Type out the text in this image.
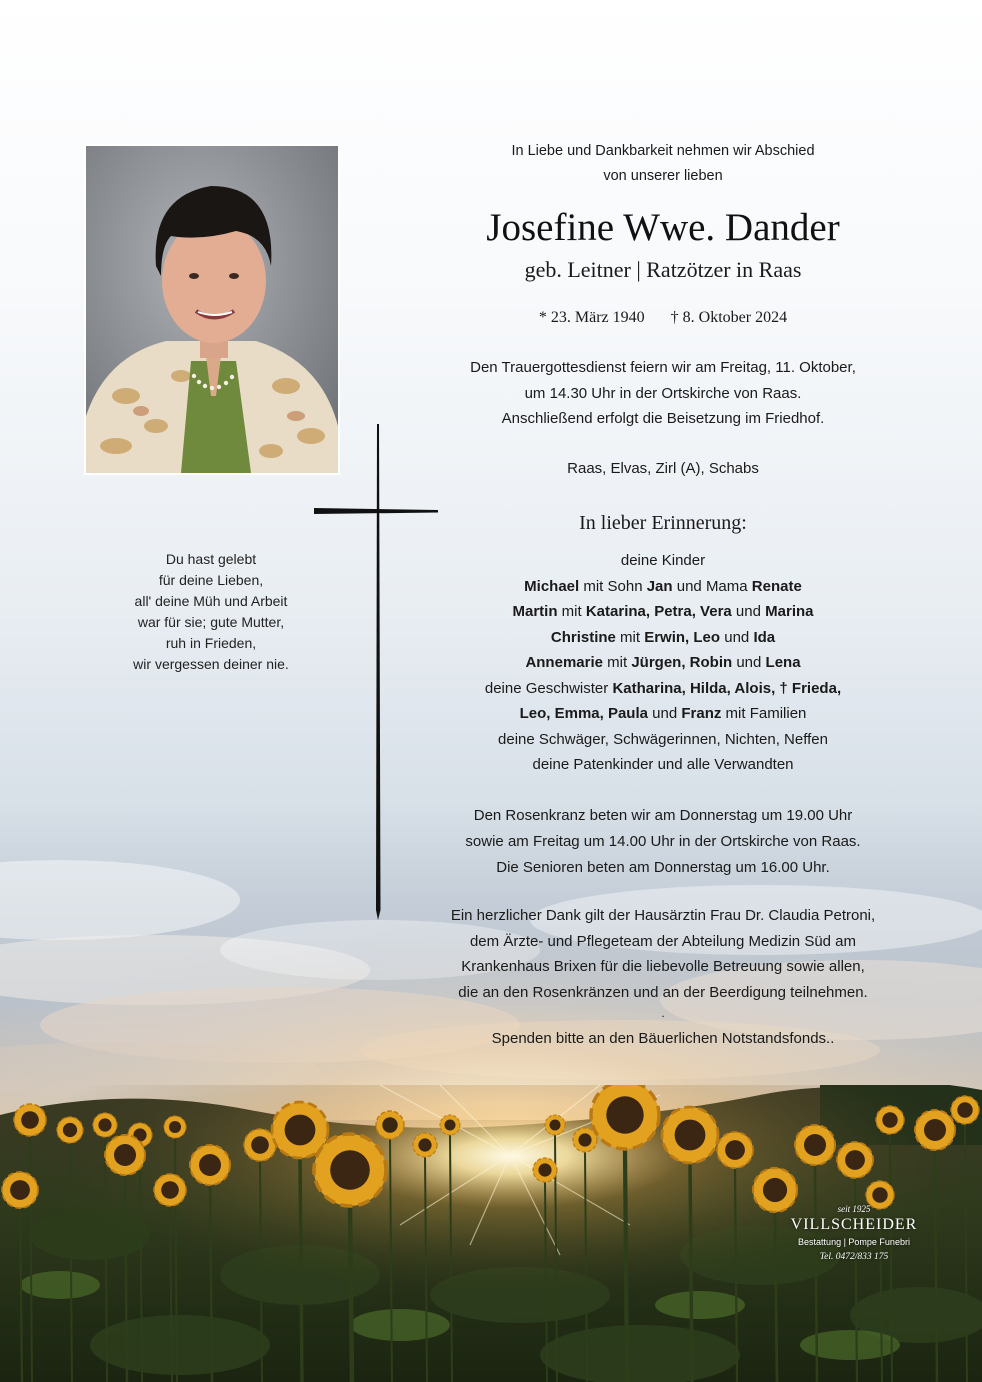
Du hast gelebt
für deine Lieben,
all' deine Müh und Arbeit
war für sie; gute Mutter,
ruh in Frieden,
wir vergessen deiner nie.
In Liebe und Dankbarkeit nehmen wir Abschied
von unserer lieben
Josefine Wwe. Dander
geb. Leitner | Ratzötzer in Raas
* 23. März 1940 † 8. Oktober 2024
Den Trauergottesdienst feiern wir am Freitag, 11. Oktober,
um 14.30 Uhr in der Ortskirche von Raas.
Anschließend erfolgt die Beisetzung im Friedhof.
Raas, Elvas, Zirl (A), Schabs
In lieber Erinnerung:
deine Kinder
Michael mit Sohn Jan und Mama Renate
Martin mit Katarina, Petra, Vera und Marina
Christine mit Erwin, Leo und Ida
Annemarie mit Jürgen, Robin und Lena
deine Geschwister Katharina, Hilda, Alois, † Frieda,
Leo, Emma, Paula und Franz mit Familien
deine Schwäger, Schwägerinnen, Nichten, Neffen
deine Patenkinder und alle Verwandten
Den Rosenkranz beten wir am Donnerstag um 19.00 Uhr
sowie am Freitag um 14.00 Uhr in der Ortskirche von Raas.
Die Senioren beten am Donnerstag um 16.00 Uhr.
Ein herzlicher Dank gilt der Hausärztin Frau Dr. Claudia Petroni,
dem Ärzte- und Pflegeteam der Abteilung Medizin Süd am
Krankenhaus Brixen für die liebevolle Betreuung sowie allen,
die an den Rosenkränzen und an der Beerdigung teilnehmen.
.
Spenden bitte an den Bäuerlichen Notstandsfonds..
seit 1925
VILLSCHEIDER
Bestattung | Pompe Funebri
Tel. 0472/833 175
